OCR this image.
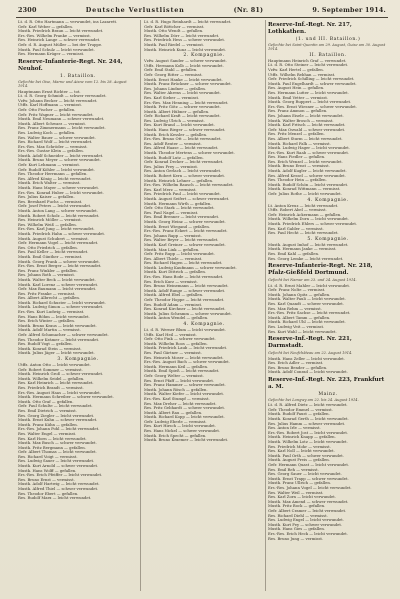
2300	Deutsche Verlustlisten	(Nr. 81)	9. September 1914.
Lt. d. R. Otto Hartmann — verwundet, ins Lazarett.
Gefr. Karl Weber — gefallen.
Mustk. Friedrich Braun — leicht verwundet.
Ers.-Res. Wilhelm Franke — vermisst.
Res. Heinrich Lange — schwer verwundet.
Gefr. d. R. August Müller — bei der Truppe.
Mustk. Paul Schulz — leicht verwundet.
Res. Hermann Krüger — vermisst.
Reserve-Infanterie-Regt. Nr. 244, Neuhof.
1. Bataillon.
Gefechte bei Oise, Marne und Aisne vom 12. bis 28. August 1914.
Hauptmann Ernst Richter — tot.
Lt. d. R. Georg Schmidt — schwer verwundet.
Vzfw. Johann Becker — leicht verwundet.
Utffz. Karl Hoffmann — vermisst.
Gefr. Otto Fischer — gefallen.
Gefr. Fritz Wagner — leicht verwundet.
Mustk. Emil Neumann — schwer verwundet.
Mustk. Albert Schwarz — vermisst.
Res. Franz Zimmermann — leicht verwundet.
Res. Ludwig Koch — gefallen.
Res. Walter Bauer — schwer verwundet.
Res. Richard Wolf — leicht verwundet.
Ers.-Res. Max Schröder — vermisst.
Ers.-Res. Gustav Klein — gefallen.
Mustk. Adolf Schneider — leicht verwundet.
Mustk. Bruno Meyer — schwer verwundet.
Gefr. Kurt Lehmann — vermisst.
Gefr. Rudolf Köhler — leicht verwundet.
Res. Theodor Herrmann — gefallen.
Res. Alfred König — leicht verwundet.
Mustk. Erich Walter — vermisst.
Mustk. Hans Mayer — schwer verwundet.
Ers.-Res. Konrad Huber — leicht verwundet.
Res. Julius Kaiser — gefallen.
Res. Bernhard Fuchs — vermisst.
Gefr. Josef Peters — leicht verwundet.
Mustk. Anton Lang — schwer verwundet.
Mustk. Robert Scholz — leicht verwundet.
Res. Heinrich Möller — vermisst.
Res. Wilhelm Weiß — gefallen.
Ers.-Res. Karl Jung — leicht verwundet.
Mustk. Friedrich Hahn — schwer verwundet.
Mustk. August Schubert — vermisst.
Gefr. Hermann Vogel — leicht verwundet.
Res. Otto Friedrich — gefallen.
Res. Paul Keller — leicht verwundet.
Mustk. Emil Günther — vermisst.
Mustk. Georg Frank — schwer verwundet.
Ers.-Res. Ernst Berger — leicht verwundet.
Res. Franz Winkler — gefallen.
Res. Johann Roth — vermisst.
Mustk. Walter Beck — leicht verwundet.
Mustk. Karl Lorenz — schwer verwundet.
Gefr. Max Baumann — leicht verwundet.
Res. Fritz Franke — vermisst.
Res. Albert Albrecht — gefallen.
Mustk. Richard Schuster — leicht verwundet.
Mustk. Ludwig Simon — schwer verwundet.
Ers.-Res. Kurt Ludwig — vermisst.
Res. Hans Böhm — leicht verwundet.
Res. Erich Winter — gefallen.
Mustk. Bruno Kraus — leicht verwundet.
Mustk. Adolf Martin — vermisst.
Gefr. Alfred Schumacher — schwer verwundet.
Res. Theodor Krämer — leicht verwundet.
Res. Rudolf Vogt — gefallen.
Mustk. Konrad Stein — vermisst.
Mustk. Julius Jäger — leicht verwundet.
3. Kompagnie.
Utffz. Anton Otto — leicht verwundet.
Gefr. Robert Sommer — vermisst.
Mustk. Heinrich Groß — schwer verwundet.
Mustk. Wilhelm Seidel — gefallen.
Res. Karl Heinrich — leicht verwundet.
Res. Friedrich Brandt — vermisst.
Ers.-Res. August Haas — leicht verwundet.
Mustk. Hermann Schreiber — schwer verwundet.
Mustk. Otto Graf — gefallen.
Gefr. Paul Schulte — leicht verwundet.
Res. Emil Dietrich — vermisst.
Res. Georg Ziegler — leicht verwundet.
Mustk. Ernst Kuhn — schwer verwundet.
Mustk. Franz Kühn — gefallen.
Ers.-Res. Johann Pohl — leicht verwundet.
Res. Walter Engel — vermisst.
Res. Karl Horn — leicht verwundet.
Mustk. Max Busch — schwer verwundet.
Mustk. Fritz Bergmann — gefallen.
Gefr. Albert Thomas — leicht verwundet.
Res. Richard Voigt — vermisst.
Res. Ludwig Sauer — leicht verwundet.
Mustk. Kurt Arnold — schwer verwundet.
Mustk. Hans Wolff — gefallen.
Ers.-Res. Erich Pfeiffer — leicht verwundet.
Res. Bruno Ernst — vermisst.
Mustk. Adolf Hartwig — leicht verwundet.
Mustk. Alfred Thiel — schwer verwundet.
Res. Theodor Ebert — gefallen.
Res. Rudolf Marx — leicht verwundet.
Lt. d. R. Hugo Reinhardt — leicht verwundet.
Gefr. Karl Böttcher — vermisst.
Mustk. Otto Wendt — gefallen.
Res. Wilhelm Dörr — leicht verwundet.
Res. Friedrich Hess — schwer verwundet.
Mustk. Paul Riedel — vermisst.
Mustk. Heinrich Kunz — leicht verwundet.
2. Kompagnie.
Vzfw. August Sander — schwer verwundet.
Utffz. Hermann Kolb — leicht verwundet.
Gefr. Emil Stahl — gefallen.
Gefr. Georg Ritter — vermisst.
Mustk. Ernst Hanke — leicht verwundet.
Mustk. Franz Brückner — schwer verwundet.
Res. Johann Lindner — gefallen.
Res. Walter Ahrens — leicht verwundet.
Res. Karl Sieber — vermisst.
Ers.-Res. Max Henning — leicht verwundet.
Mustk. Fritz Götz — schwer verwundet.
Mustk. Albert Hübner — gefallen.
Gefr. Richard Kraft — leicht verwundet.
Res. Ludwig Ulrich — vermisst.
Res. Kurt Brand — leicht verwundet.
Mustk. Hans Rieger — schwer verwundet.
Mustk. Erich Kessler — gefallen.
Ers.-Res. Bruno Ott — leicht verwundet.
Res. Adolf Reuter — vermisst.
Res. Alfred Haase — leicht verwundet.
Mustk. Theodor Mertens — schwer verwundet.
Mustk. Rudolf Lutz — gefallen.
Gefr. Konrad Decker — leicht verwundet.
Res. Julius Frey — vermisst.
Res. Anton Gerlach — leicht verwundet.
Mustk. Robert Kern — schwer verwundet.
Mustk. Heinrich Lehner — gefallen.
Ers.-Res. Wilhelm Rausch — leicht verwundet.
Res. Karl Merz — vermisst.
Res. Friedrich Paul — leicht verwundet.
Mustk. August Seifert — schwer verwundet.
Mustk. Hermann Wirth — gefallen.
Gefr. Otto Stark — leicht verwundet.
Res. Paul Nagel — vermisst.
Res. Emil Brenner — leicht verwundet.
Mustk. Georg Heinz — schwer verwundet.
Mustk. Ernst Wiegand — gefallen.
Ers.-Res. Franz Eckert — leicht verwundet.
Res. Johann Rapp — vermisst.
Res. Walter Beyer — leicht verwundet.
Mustk. Karl Greiner — schwer verwundet.
Mustk. Max Link — gefallen.
Gefr. Fritz Rupp — leicht verwundet.
Res. Albert Thiele — vermisst.
Res. Richard Hagen — leicht verwundet.
Mustk. Ludwig Kaufmann — schwer verwundet.
Mustk. Kurt Dittrich — gefallen.
Ers.-Res. Hans Bode — leicht verwundet.
Res. Erich Kurz — vermisst.
Res. Bruno Heinemann — leicht verwundet.
Mustk. Adolf Runge — schwer verwundet.
Mustk. Alfred Ebel — gefallen.
Gefr. Theodor Hoppe — leicht verwundet.
Res. Rudolf Adam — vermisst.
Res. Konrad Kirchner — leicht verwundet.
Mustk. Julius Schramm — schwer verwundet.
Mustk. Anton Wendel — gefallen.
4. Kompagnie.
Lt. d. R. Werner Blum — leicht verwundet.
Utffz. Karl Heil — vermisst.
Gefr. Otto Fink — schwer verwundet.
Mustk. Wilhelm Roos — gefallen.
Mustk. Friedrich Laub — leicht verwundet.
Res. Paul Gärtner — vermisst.
Res. Heinrich Moser — leicht verwundet.
Ers.-Res. August Bach — schwer verwundet.
Mustk. Hermann Keil — gefallen.
Mustk. Emil Spieß — leicht verwundet.
Gefr. Georg Welter — vermisst.
Res. Ernst Pfaff — leicht verwundet.
Res. Franz Hammer — schwer verwundet.
Mustk. Johann Rösch — gefallen.
Mustk. Walter Kiefer — leicht verwundet.
Ers.-Res. Karl Stumpf — vermisst.
Res. Max Dreher — leicht verwundet.
Res. Fritz Gebhardt — schwer verwundet.
Mustk. Albert Rau — gefallen.
Mustk. Richard Kopp — leicht verwundet.
Gefr. Ludwig Eberle — vermisst.
Res. Kurt Hirsch — leicht verwundet.
Res. Hans Nickel — schwer verwundet.
Mustk. Erich Specht — gefallen.
Mustk. Bruno Kraemer — leicht verwundet.
Reserve-Inf.-Regt. Nr. 217, Lothkathen.
(1. und III. Bataillon.)
Gefechte bei Saint-Quentin am 29. August, Guise am 30. August 1914.
II. Bataillon.
Hauptmann Heinrich Graf — verwundet.
Lt. d. R. Otto Steiner — leicht verwundet.
Vzfw. Karl Hertel — gefallen.
Utffz. Wilhelm Rebhan — vermisst.
Gefr. Friedrich Schilling — leicht verwundet.
Mustk. Paul Engelhardt — schwer verwundet.
Res. August Hein — gefallen.
Res. Hermann Lutter — leicht verwundet.
Mustk. Emil Vetter — vermisst.
Mustk. Georg Ruppert — leicht verwundet.
Ers.-Res. Ernst Wiesner — schwer verwundet.
Res. Franz Ammon — gefallen.
Res. Johann Eisele — leicht verwundet.
Mustk. Walter Brosch — vermisst.
Mustk. Karl Fritsch — leicht verwundet.
Gefr. Max Oswald — schwer verwundet.
Res. Fritz Menzel — gefallen.
Res. Albert Sturm — leicht verwundet.
Mustk. Richard Falk — vermisst.
Mustk. Ludwig Hager — leicht verwundet.
Ers.-Res. Kurt Raab — schwer verwundet.
Res. Hans Fiedler — gefallen.
Res. Erich Wenzel — leicht verwundet.
Mustk. Bruno Ernst — vermisst.
Mustk. Adolf Kugler — leicht verwundet.
Res. Alfred Kessel — schwer verwundet.
Res. Theodor Hein — gefallen.
Mustk. Rudolf Schön — leicht verwundet.
Mustk. Konrad Wittmann — vermisst.
Gefr. Julius Rothe — leicht verwundet.
4. Kompagnie.
Lt. Anton Kreuz — leicht verwundet.
Utffz. Robert Abel — vermisst.
Gefr. Heinrich Ackermann — gefallen.
Mustk. Wilhelm Dorn — leicht verwundet.
Mustk. Friedrich Ehlers — schwer verwundet.
Res. Karl Gabler — vermisst.
Res. Paul Hecht — leicht verwundet.
5. Kompagnie.
Mustk. August Imhof — leicht verwundet.
Mustk. Hermann Janke — vermisst.
Res. Emil Kahl — gefallen.
Res. Georg Lemke — leicht verwundet.
Reserve-Infanterie-Regt. Nr. 218, Pfalz-Gießfeld Dortmund.
Gefecht bei Namur am 23. und 24. August 1914.
Lt. d. R. Ernst Mahler — leicht verwundet.
Gefr. Franz Nolte — vermisst.
Mustk. Johann Opitz — gefallen.
Mustk. Walter Pauli — leicht verwundet.
Res. Karl Quandt — schwer verwundet.
Res. Max Rehm — vermisst.
Ers.-Res. Fritz Sachse — leicht verwundet.
Mustk. Albert Tamm — gefallen.
Mustk. Richard Uhl — leicht verwundet.
Res. Ludwig Veit — vermisst.
Res. Kurt Wahl — leicht verwundet.
Reserve-Inf.-Regt. Nr. 221, Darmstadt.
Gefecht bei Neufchâteau am 22. August 1914.
Mustk. Hans Zeller — leicht verwundet.
Res. Erich Adler — vermisst.
Res. Bruno Bender — gefallen.
Mustk. Adolf Conrad — leicht verwundet.
Reserve-Inf.-Regt. Nr. 223, Frankfurt a. M.
Mainz.
Gefechte bei Longwy am 22. bis 24. August 1914.
Lt. d. R. Alfred Dietz — leicht verwundet.
Gefr. Theodor Emmel — vermisst.
Mustk. Rudolf Faust — gefallen.
Mustk. Konrad Gerth — leicht verwundet.
Res. Julius Hamm — schwer verwundet.
Res. Anton Irle — vermisst.
Ers.-Res. Robert Jost — leicht verwundet.
Mustk. Heinrich Knapp — gefallen.
Mustk. Wilhelm Lotz — leicht verwundet.
Res. Friedrich Mohr — vermisst.
Res. Karl Noll — leicht verwundet.
Mustk. Paul Orth — schwer verwundet.
Mustk. August Preis — gefallen.
Gefr. Hermann Quast — leicht verwundet.
Res. Emil Reh — vermisst.
Res. Georg Sauer — leicht verwundet.
Mustk. Ernst Trapp — schwer verwundet.
Mustk. Franz Ullrich — gefallen.
Ers.-Res. Johann Vogel — leicht verwundet.
Res. Walter Weil — vermisst.
Res. Karl Zorn — leicht verwundet.
Mustk. Max Amend — schwer verwundet.
Mustk. Fritz Bock — gefallen.
Gefr. Albert Cramer — leicht verwundet.
Res. Richard Diehl — vermisst.
Res. Ludwig Engel — leicht verwundet.
Mustk. Kurt Fey — schwer verwundet.
Mustk. Hans Gies — gefallen.
Ers.-Res. Erich Heck — leicht verwundet.
Res. Bruno Jung — vermisst.
